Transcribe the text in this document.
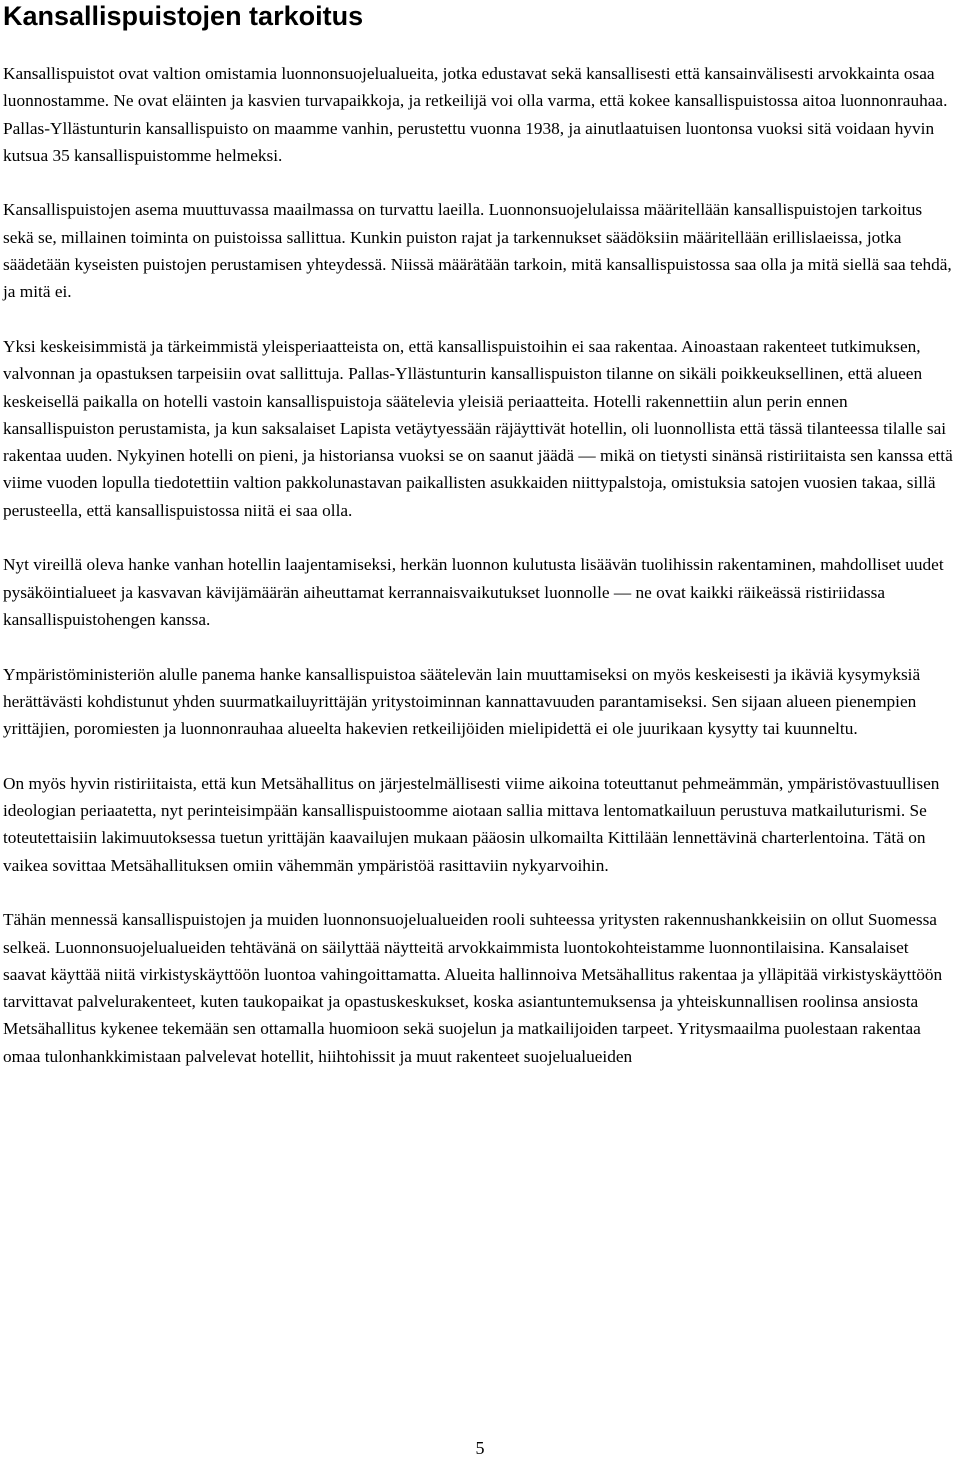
Kansallispuistojen tarkoitus

Kansallispuistot ovat valtion omistamia luonnonsuojelualueita, jotka edustavat sekä kansallisesti että kansainvälisesti arvokkainta osaa luonnostamme. Ne ovat eläinten ja kasvien turvapaikkoja, ja retkeilijä voi olla varma, että kokee kansallispuistossa aitoa luonnonrauhaa. Pallas-Yllästunturin kansallispuisto on maamme vanhin, perustettu vuonna 1938, ja ainutlaatuisen luontonsa vuoksi sitä voidaan hyvin kutsua 35 kansallispuistomme helmeksi.

Kansallispuistojen asema muuttuvassa maailmassa on turvattu laeilla. Luonnonsuojelulaissa määritellään kansallispuistojen tarkoitus sekä se, millainen toiminta on puistoissa sallittua. Kunkin puiston rajat ja tarkennukset säädöksiin määritellään erillislaeissa, jotka säädetään kyseisten puistojen perustamisen yhteydessä. Niissä määrätään tarkoin, mitä kansallispuistossa saa olla ja mitä siellä saa tehdä, ja mitä ei.

Yksi keskeisimmistä ja tärkeimmistä yleisperiaatteista on, että kansallispuistoihin ei saa rakentaa. Ainoastaan rakenteet tutkimuksen, valvonnan ja opastuksen tarpeisiin ovat sallittuja. Pallas-Yllästunturin kansallispuiston tilanne on sikäli poikkeuksellinen, että alueen keskeisellä paikalla on hotelli vastoin kansallispuistoja säätelevia yleisiä periaatteita. Hotelli rakennettiin alun perin ennen kansallispuiston perustamista, ja kun saksalaiset Lapista vetäytyessään räjäyttivät hotellin, oli luonnollista että tässä tilanteessa tilalle sai rakentaa uuden. Nykyinen hotelli on pieni, ja historiansa vuoksi se on saanut jäädä — mikä on tietysti sinänsä ristiriitaista sen kanssa että viime vuoden lopulla tiedotettiin valtion pakkolunastavan paikallisten asukkaiden niittypalstoja, omistuksia satojen vuosien takaa, sillä perusteella, että kansallispuistossa niitä ei saa olla.

Nyt vireillä oleva hanke vanhan hotellin laajentamiseksi, herkän luonnon kulutusta lisäävän tuolihissin rakentaminen, mahdolliset uudet pysäköintialueet ja kasvavan kävijämäärän aiheuttamat kerrannaisvaikutukset luonnolle — ne ovat kaikki räikeässä ristiriidassa kansallispuistohengen kanssa.

Ympäristöministeriön alulle panema hanke kansallispuistoa säätelevän lain muuttamiseksi on myös keskeisesti ja ikäviä kysymyksiä herättävästi kohdistunut yhden suurmatkailuyrittäjän yritystoiminnan kannattavuuden parantamiseksi. Sen sijaan alueen pienempien yrittäjien, poromiesten ja luonnonrauhaa alueelta hakevien retkeilijöiden mielipidettä ei ole juurikaan kysytty tai kuunneltu.

On myös hyvin ristiriitaista, että kun Metsähallitus on järjestelmällisesti viime aikoina toteuttanut pehmeämmän, ympäristövastuullisen ideologian periaatetta, nyt perinteisimpään kansallispuistoomme aiotaan sallia mittava lentomatkailuun perustuva matkailuturismi. Se toteutettaisiin lakimuutoksessa tuetun yrittäjän kaavailujen mukaan pääosin ulkomailta Kittilään lennettävinä charterlentoina. Tätä on vaikea sovittaa Metsähallituksen omiin vähemmän ympäristöä rasittaviin nykyarvoihin.

Tähän mennessä kansallispuistojen ja muiden luonnonsuojelualueiden rooli suhteessa yritysten rakennushankkeisiin on ollut Suomessa selkeä. Luonnonsuojelualueiden tehtävänä on säilyttää näytteitä arvokkaimmista luontokohteistamme luonnontilaisina. Kansalaiset saavat käyttää niitä virkistyskäyttöön luontoa vahingoittamatta. Alueita hallinnoiva Metsähallitus rakentaa ja ylläpitää virkistyskäyttöön tarvittavat palvelurakenteet, kuten taukopaikat ja opastuskeskukset, koska asiantuntemuksensa ja yhteiskunnallisen roolinsa ansiosta Metsähallitus kykenee tekemään sen ottamalla huomioon sekä suojelun ja matkailijoiden tarpeet. Yritysmaailma puolestaan rakentaa omaa tulonhankkimistaan palvelevat hotellit, hiihtohissit ja muut rakenteet suojelualueiden

5
